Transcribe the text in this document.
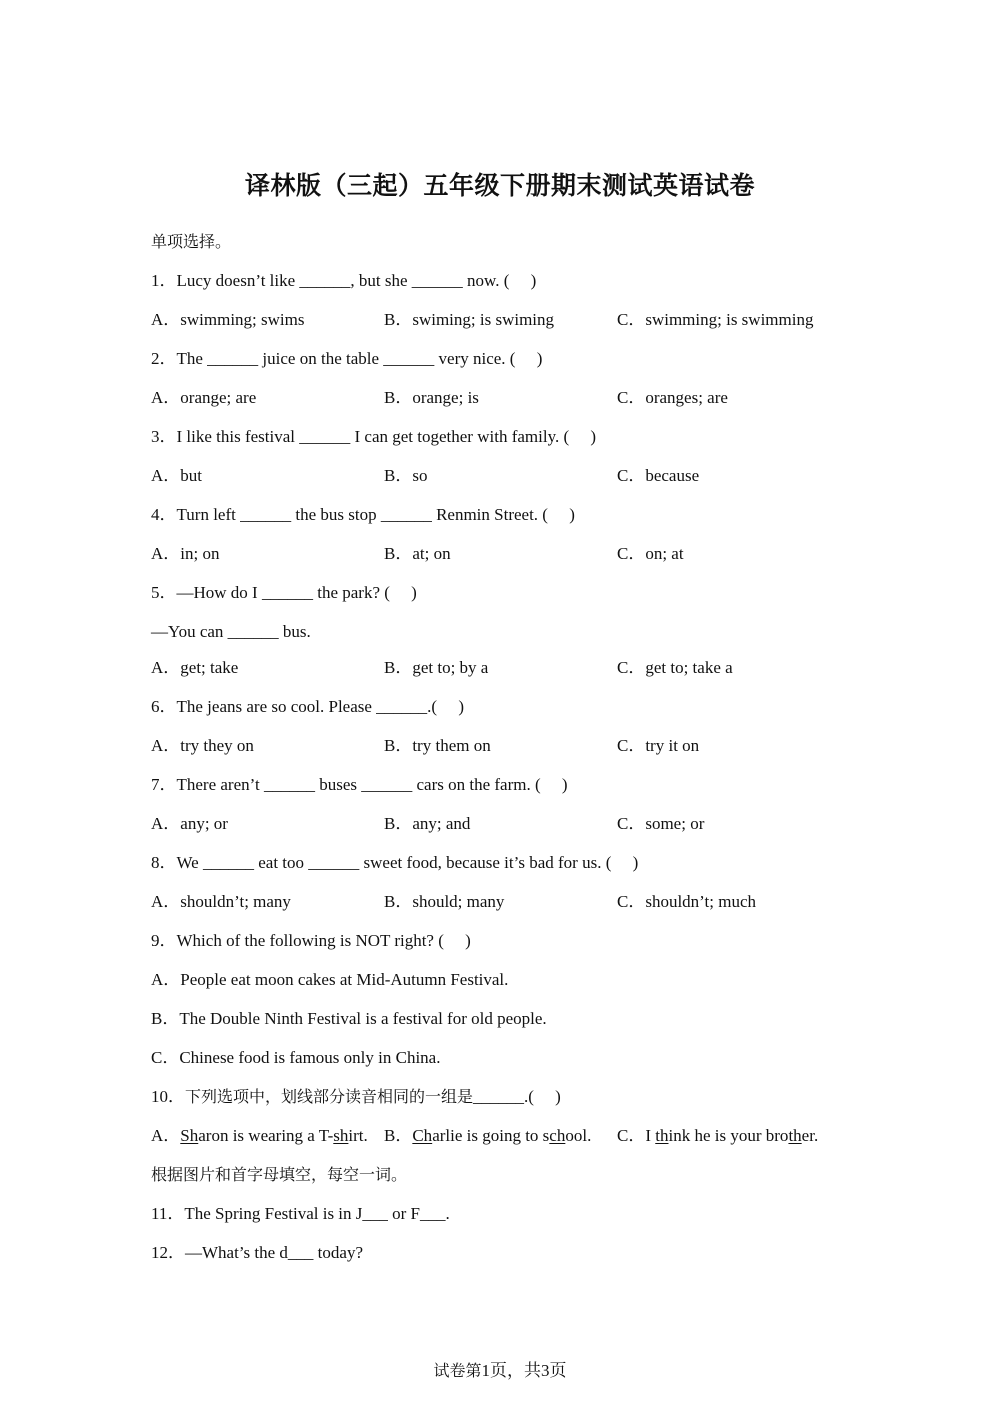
译林版（三起）五年级下册期末测试英语试卷
单项选择。
1．Lucy doesn’t like ______, but she ______ now. (　 )
A．swimming; swims	B．swiming; is swiming	C．swimming; is swimming
2．The ______ juice on the table ______ very nice. (　 )
A．orange; are	B．orange; is	C．oranges; are
3．I like this festival ______ I can get together with family. (　 )
A．but	B．so	C．because
4．Turn left ______ the bus stop ______ Renmin Street. (　 )
A．in; on	B．at; on	C．on; at
5．—How do I ______ the park? (　 )
—You can ______ bus.
A．get; take	B．get to; by a	C．get to; take a
6．The jeans are so cool. Please ______.(　 )
A．try they on	B．try them on	C．try it on
7．There aren’t ______ buses ______ cars on the farm. (　 )
A．any; or	B．any; and	C．some; or
8．We ______ eat too ______ sweet food, because it’s bad for us. (　 )
A．shouldn’t; many	B．should; many	C．shouldn’t; much
9．Which of the following is NOT right? (　 )
A．People eat moon cakes at Mid-Autumn Festival.
B．The Double Ninth Festival is a festival for old people.
C．Chinese food is famous only in China.
10．下列选项中，划线部分读音相同的一组是______.(　 )
A．Sharon is wearing a T-shirt. B．Charlie is going to school. C．I think he is your brother.
根据图片和首字母填空，每空一词。
11．The Spring Festival is in J___ or F___.
12．—What’s the d___ today?
试卷第1页，共3页
